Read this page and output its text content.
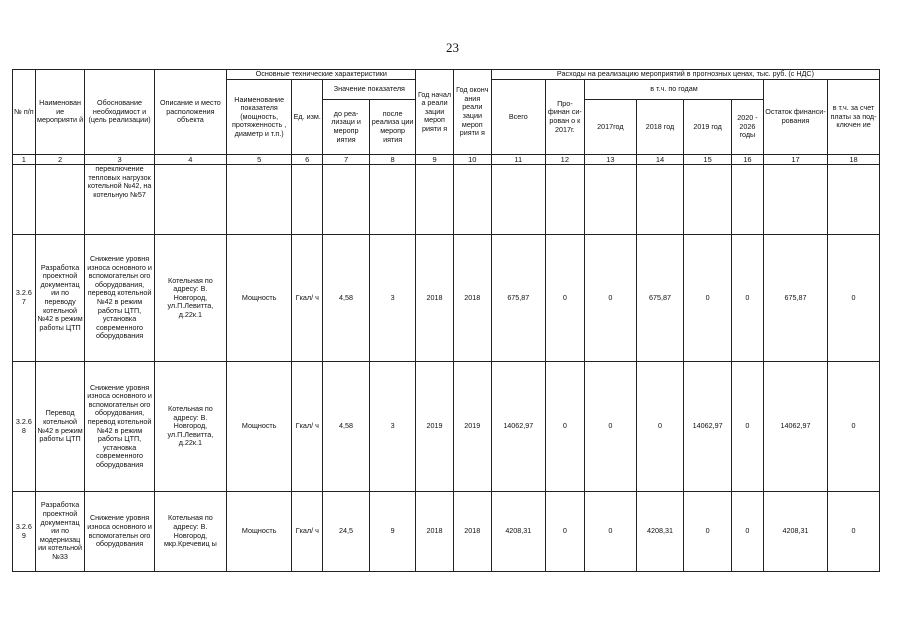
23
№ п/п	Наименован ие мероприяти й	Обоснование необходимост и (цель реализации)	Описание и место расположения объекта	Основные технические характеристики				Год начал а реали зации мероп рияти я	Год оконч ания реали зации мероп рияти я	Расходы на реализацию мероприятий в прогнозных ценах, тыс. руб. (с НДС)							
				Наименование показателя (мощность, протяженность , диаметр и т.п.)	Ед. изм.	Значение показателя				Всего	Про- финан си- рован о к 2017г.	в т.ч. по годам				Остаток финанси- рования	в т.ч. за счет платы за под- ключен ие
						до реа- лизаци и меропр иятия	после реализа ции меропр иятия					2017год	2018 год	2019 год	2020 - 2026 годы		

1	2	3	4	5	6	7	8	9	10	11	12	13	14	15	16	17	18
		переключение тепловых нагрузок котельной №42, на котельную №57															
3.2.6 7	Разработка проектной документац ии по переводу котельной №42 в режим работы ЦТП	Снижение уровня износа основного и вспомогательн ого оборудования, перевод котельной №42 в режим работы ЦТП, установка современного оборудования	Котельная по адресу: В. Новгород, ул.П.Левитта, д.22к.1	Мощность	Гкал/ ч	4,58	3	2018	2018	675,87	0	0	675,87	0	0	675,87	0
3.2.6 8	Перевод котельной №42 в режим работы ЦТП	Снижение уровня износа основного и вспомогательн ого оборудования, перевод котельной №42 в режим работы ЦТП, установка современного оборудования	Котельная по адресу: В. Новгород, ул.П.Левитта, д.22к.1	Мощность	Гкал/ ч	4,58	3	2019	2019	14062,97	0	0	0	14062,97	0	14062,97	0
3.2.6 9	Разработка проектной документац ии по модернизац ии котельной №33	Снижение уровня износа основного и вспомогательн ого оборудования	Котельная по адресу: В. Новгород, мкр.Кречевиц ы	Мощность	Гкал/ ч	24,5	9	2018	2018	4208,31	0	0	4208,31	0	0	4208,31	0
